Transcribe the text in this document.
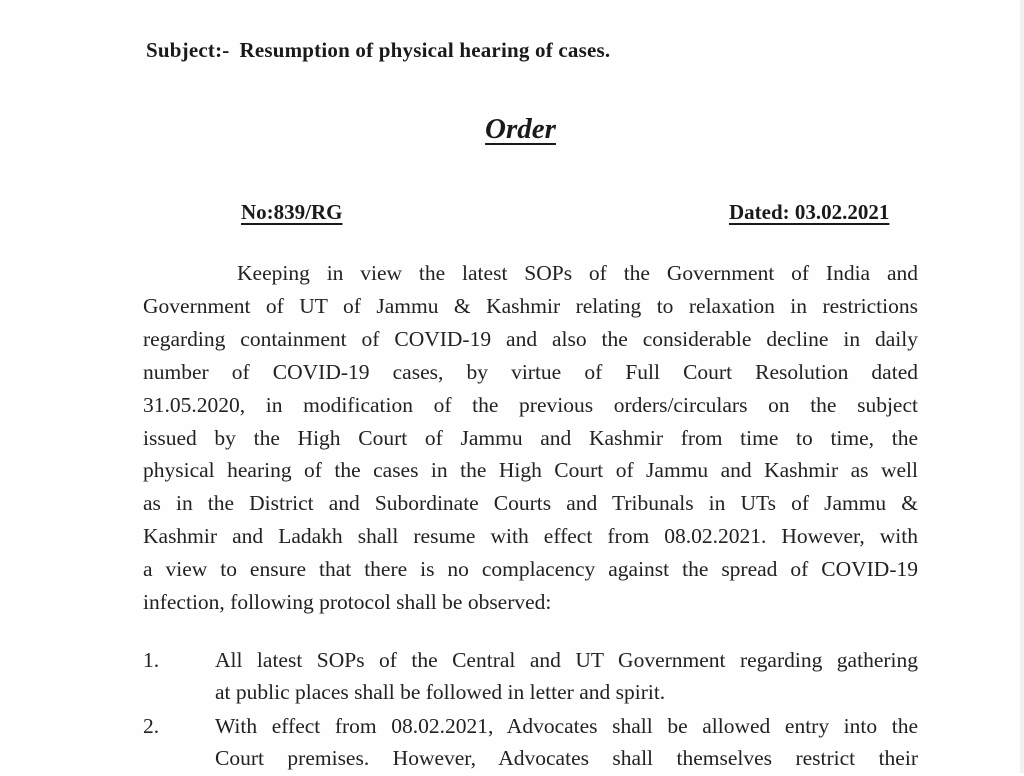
Subject:- Resumption of physical hearing of cases.
Order
No:839/RG	Dated: 03.02.2021
Keeping in view the latest SOPs of the Government of India and
Government of UT of Jammu & Kashmir relating to relaxation in restrictions
regarding containment of COVID-19 and also the considerable decline in daily
number of COVID-19 cases, by virtue of Full Court Resolution dated
31.05.2020, in modification of the previous orders/circulars on the subject
issued by the High Court of Jammu and Kashmir from time to time, the
physical hearing of the cases in the High Court of Jammu and Kashmir as well
as in the District and Subordinate Courts and Tribunals in UTs of Jammu &
Kashmir and Ladakh shall resume with effect from 08.02.2021. However, with
a view to ensure that there is no complacency against the spread of COVID-19
infection, following protocol shall be observed:
1.	All latest SOPs of the Central and UT Government regarding gathering
at public places shall be followed in letter and spirit.
2.	With effect from 08.02.2021, Advocates shall be allowed entry into the
Court premises. However, Advocates shall themselves restrict their
